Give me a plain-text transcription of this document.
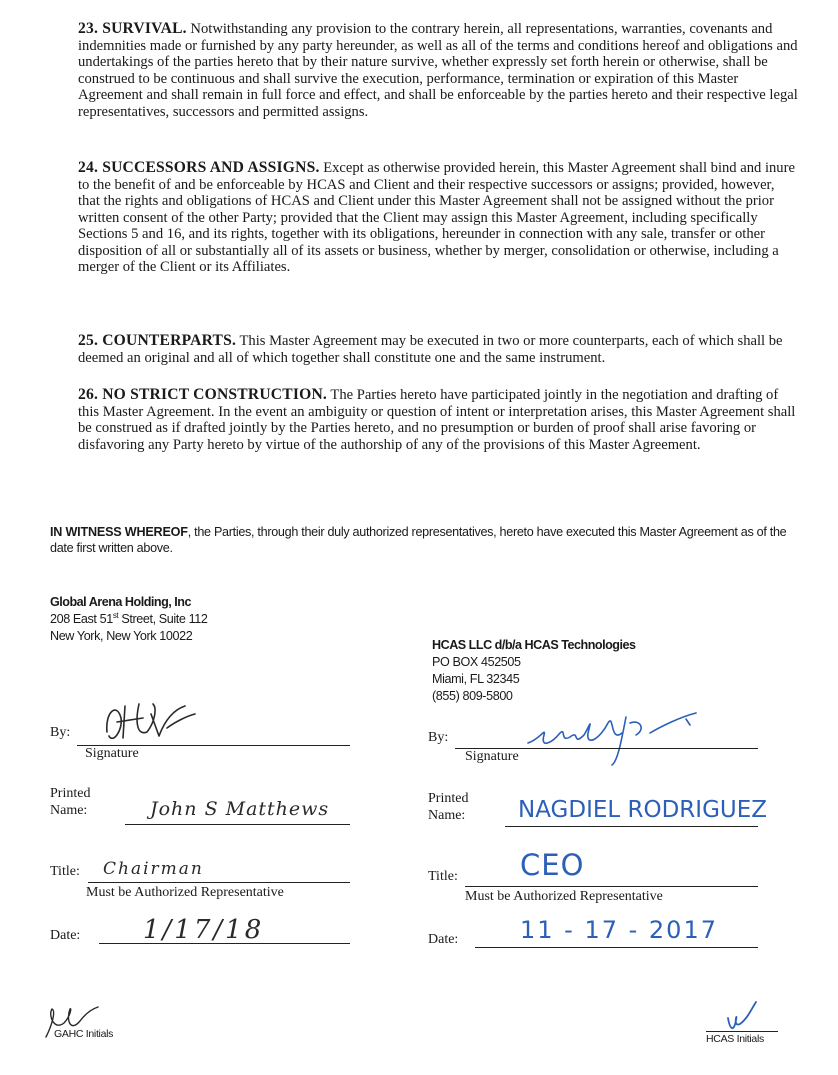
23. SURVIVAL. Notwithstanding any provision to the contrary herein, all representations, warranties, covenants and indemnities made or furnished by any party hereunder, as well as all of the terms and conditions hereof and obligations and undertakings of the parties hereto that by their nature survive, whether expressly set forth herein or otherwise, shall be construed to be continuous and shall survive the execution, performance, termination or expiration of this Master Agreement and shall remain in full force and effect, and shall be enforceable by the parties hereto and their respective legal representatives, successors and permitted assigns.
24. SUCCESSORS AND ASSIGNS. Except as otherwise provided herein, this Master Agreement shall bind and inure to the benefit of and be enforceable by HCAS and Client and their respective successors or assigns; provided, however, that the rights and obligations of HCAS and Client under this Master Agreement shall not be assigned without the prior written consent of the other Party; provided that the Client may assign this Master Agreement, including specifically Sections 5 and 16, and its rights, together with its obligations, hereunder in connection with any sale, transfer or other disposition of all or substantially all of its assets or business, whether by merger, consolidation or otherwise, including a merger of the Client or its Affiliates.
25. COUNTERPARTS. This Master Agreement may be executed in two or more counterparts, each of which shall be deemed an original and all of which together shall constitute one and the same instrument.
26. NO STRICT CONSTRUCTION. The Parties hereto have participated jointly in the negotiation and drafting of this Master Agreement. In the event an ambiguity or question of intent or interpretation arises, this Master Agreement shall be construed as if drafted jointly by the Parties hereto, and no presumption or burden of proof shall arise favoring or disfavoring any Party hereto by virtue of the authorship of any of the provisions of this Master Agreement.
IN WITNESS WHEREOF, the Parties, through their duly authorized representatives, hereto have executed this Master Agreement as of the date first written above.
Global Arena Holding, Inc
208 East 51st Street, Suite 112
New York, New York 10022
HCAS LLC d/b/a HCAS Technologies
PO BOX 452505
Miami, FL 32345
(855) 809-5800
By:
Signature
Printed
Name:	John S Matthews
Title: Chairman
Must be Authorized Representative
Date: 1/17/18
By:
Signature
Printed
Name: NAGDIEL RODRIGUEZ
Title: CEO
Must be Authorized Representative
Date:	11 - 17 - 2017
GAHC Initials	HCAS Initials
